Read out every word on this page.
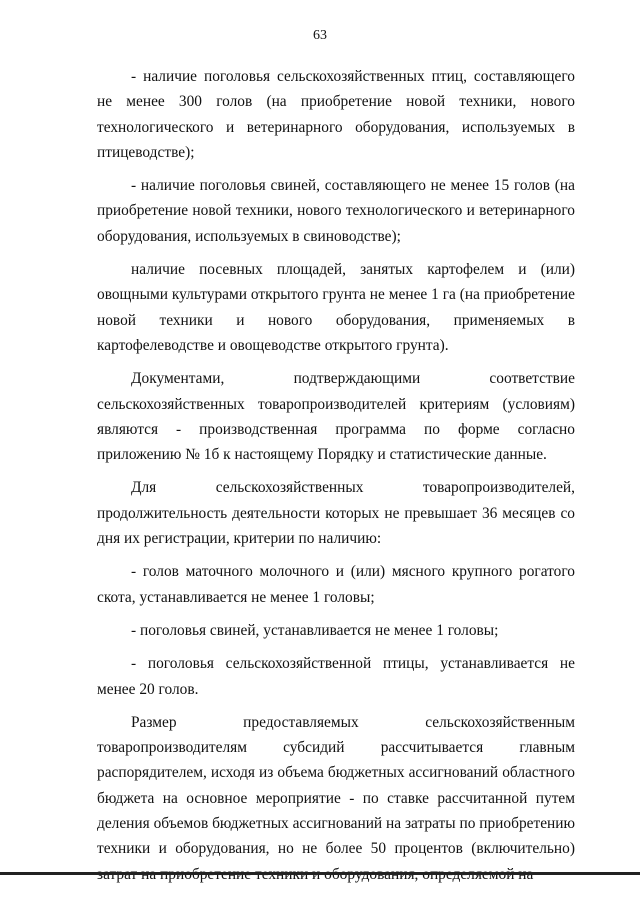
63

- наличие поголовья сельскохозяйственных птиц, составляющего не менее 300 голов (на приобретение новой техники, нового технологического и ветеринарного оборудования, используемых в птицеводстве);

- наличие поголовья свиней, составляющего не менее 15 голов (на приобретение новой техники, нового технологического и ветеринарного оборудования, используемых в свиноводстве);

наличие посевных площадей, занятых картофелем и (или) овощными культурами открытого грунта не менее 1 га (на приобретение новой техники и нового оборудования, применяемых в картофелеводстве и овощеводстве открытого грунта).

Документами, подтверждающими соответствие сельскохозяйственных товаропроизводителей критериям (условиям) являются - производственная программа по форме согласно приложению № 1б к настоящему Порядку и статистические данные.

Для сельскохозяйственных товаропроизводителей, продолжительность деятельности которых не превышает 36 месяцев со дня их регистрации, критерии по наличию:

- голов маточного молочного и (или) мясного крупного рогатого скота, устанавливается не менее 1 головы;

- поголовья свиней, устанавливается не менее 1 головы;

- поголовья сельскохозяйственной птицы, устанавливается не менее 20 голов.

Размер предоставляемых сельскохозяйственным товаропроизводителям субсидий рассчитывается главным распорядителем, исходя из объема бюджетных ассигнований областного бюджета на основное мероприятие - по ставке рассчитанной путем деления объемов бюджетных ассигнований на затраты по приобретению техники и оборудования, но не более 50 процентов (включительно)
